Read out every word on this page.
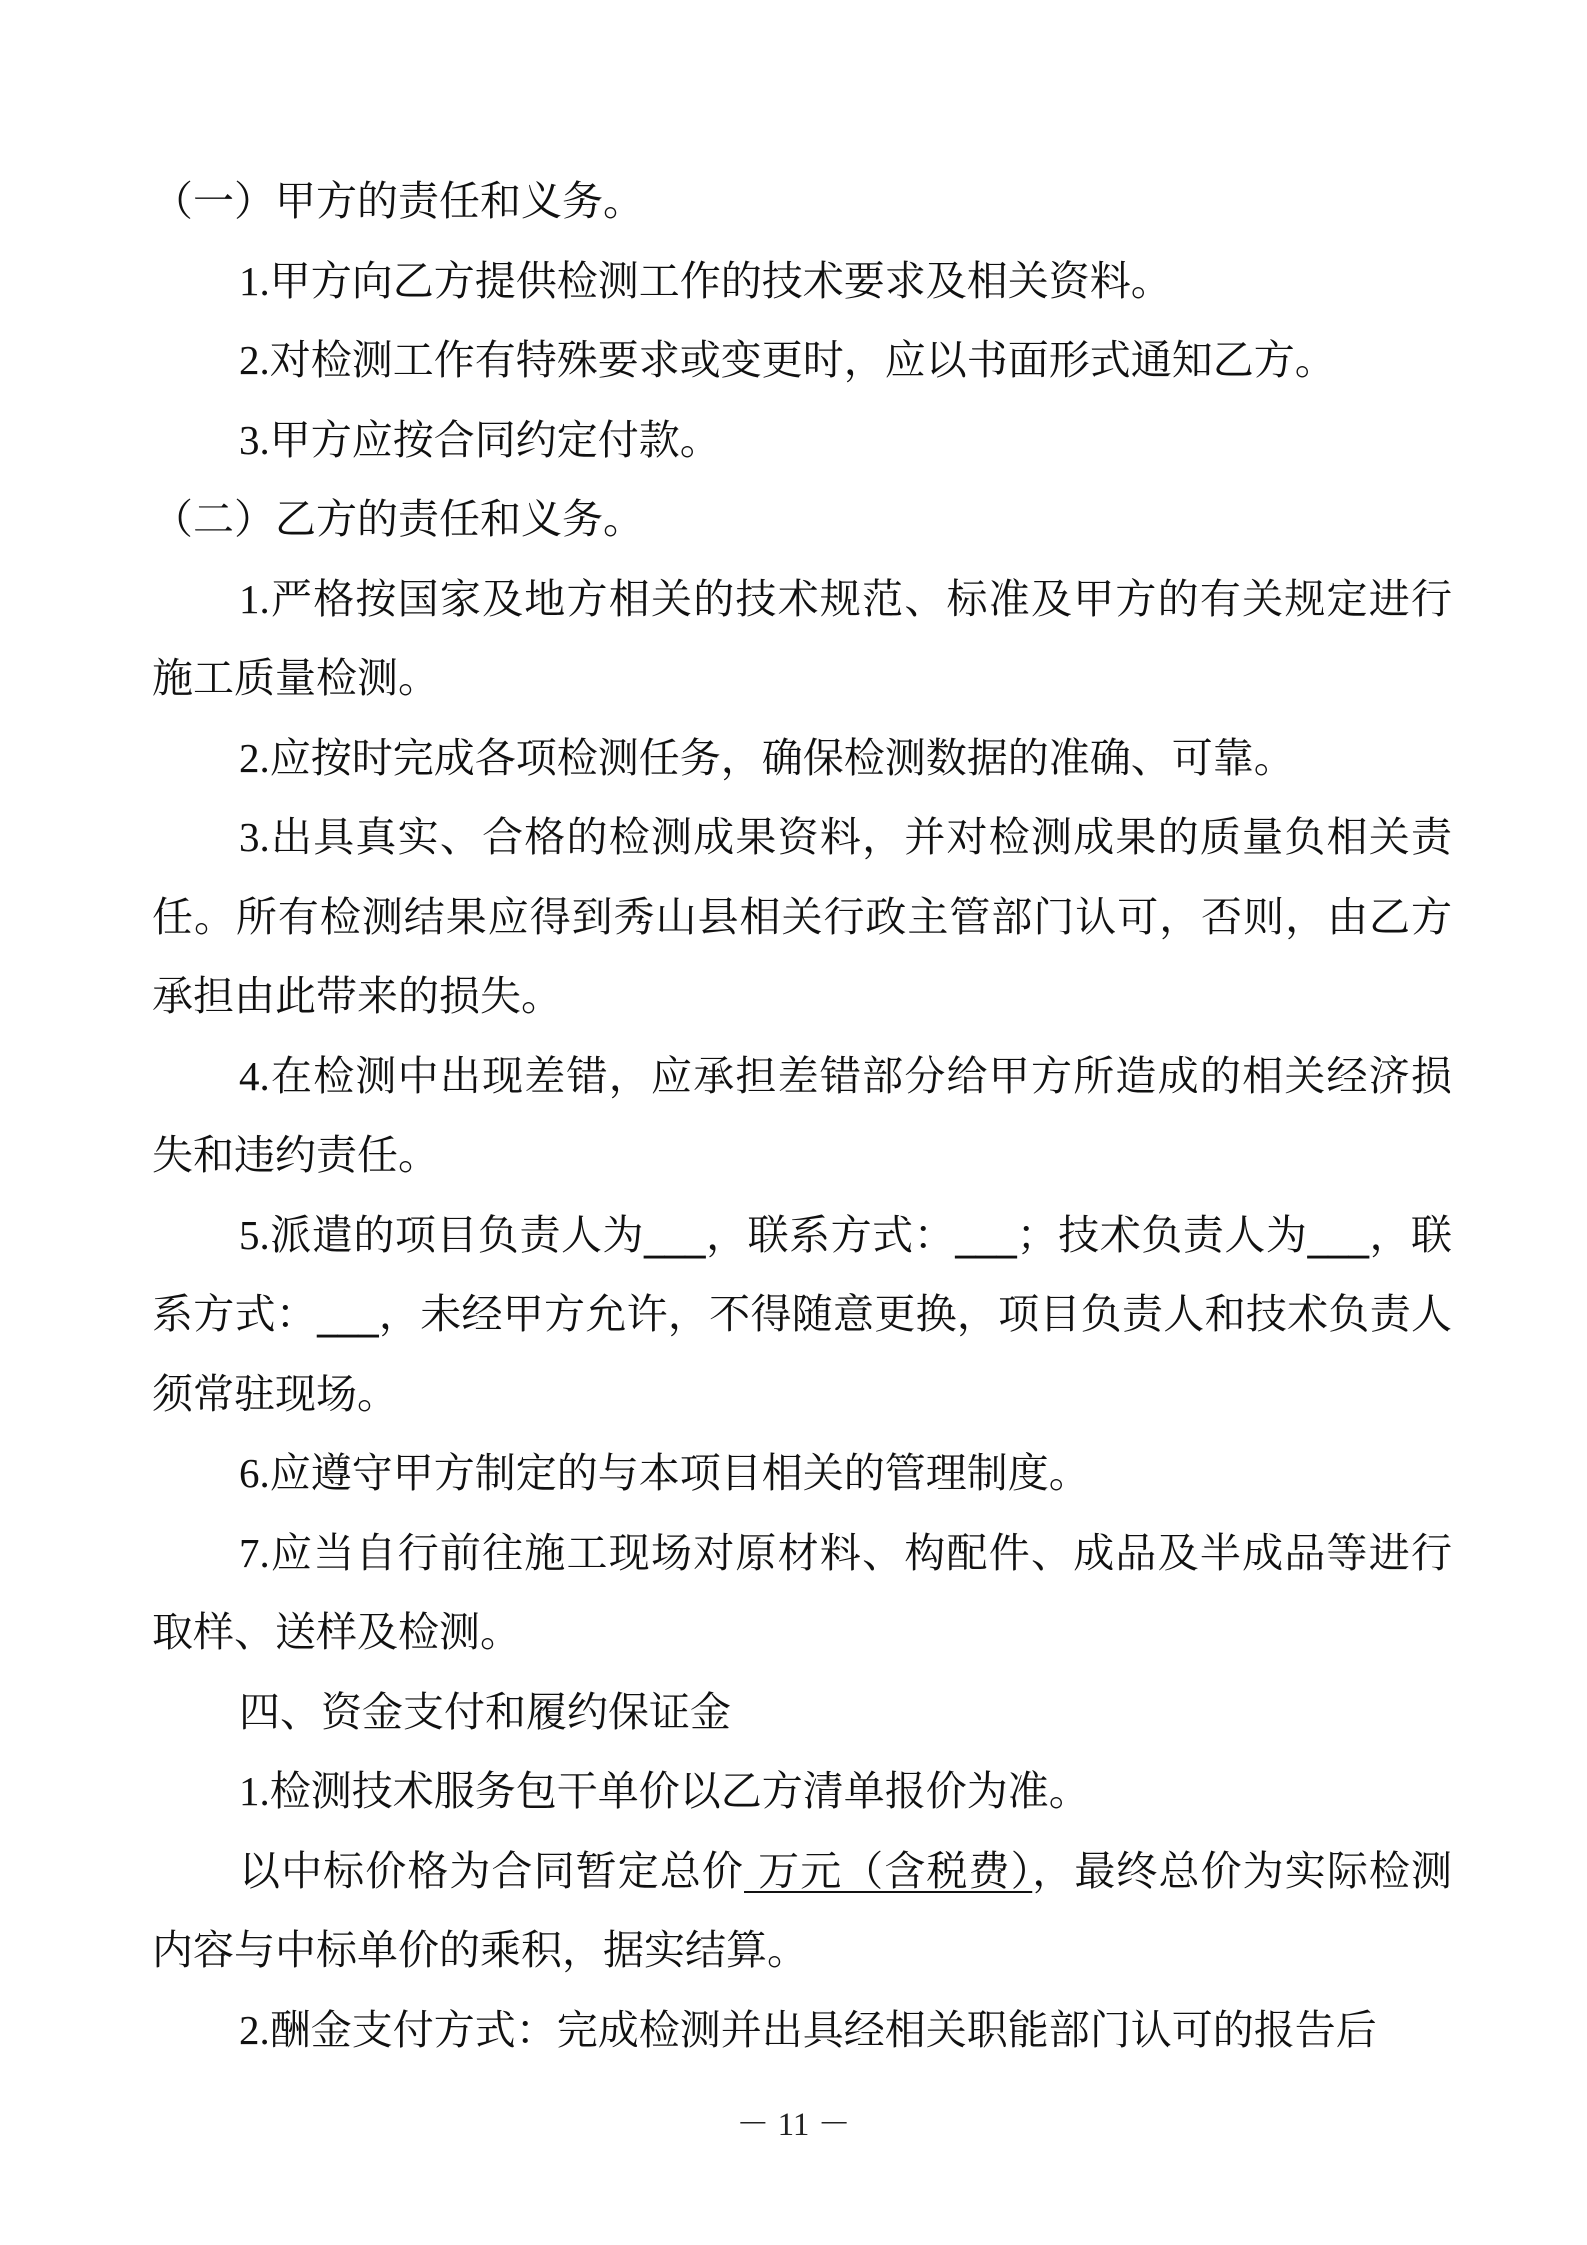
（一）甲方的责任和义务。

1.甲方向乙方提供检测工作的技术要求及相关资料。

2.对检测工作有特殊要求或变更时，应以书面形式通知乙方。

3.甲方应按合同约定付款。

（二）乙方的责任和义务。

1.严格按国家及地方相关的技术规范、标准及甲方的有关规定进行施工质量检测。

2.应按时完成各项检测任务，确保检测数据的准确、可靠。

3.出具真实、合格的检测成果资料，并对检测成果的质量负相关责任。所有检测结果应得到秀山县相关行政主管部门认可，否则，由乙方承担由此带来的损失。

4.在检测中出现差错，应承担差错部分给甲方所造成的相关经济损失和违约责任。

5.派遣的项目负责人为___，联系方式：___；技术负责人为___，联系方式：___，未经甲方允许，不得随意更换，项目负责人和技术负责人须常驻现场。

6.应遵守甲方制定的与本项目相关的管理制度。

7.应当自行前往施工现场对原材料、构配件、成品及半成品等进行取样、送样及检测。

四、资金支付和履约保证金

1.检测技术服务包干单价以乙方清单报价为准。

以中标价格为合同暂定总价 万元（含税费），最终总价为实际检测内容与中标单价的乘积，据实结算。

2.酬金支付方式：完成检测并出具经相关职能部门认可的报告后

－ 11 －
